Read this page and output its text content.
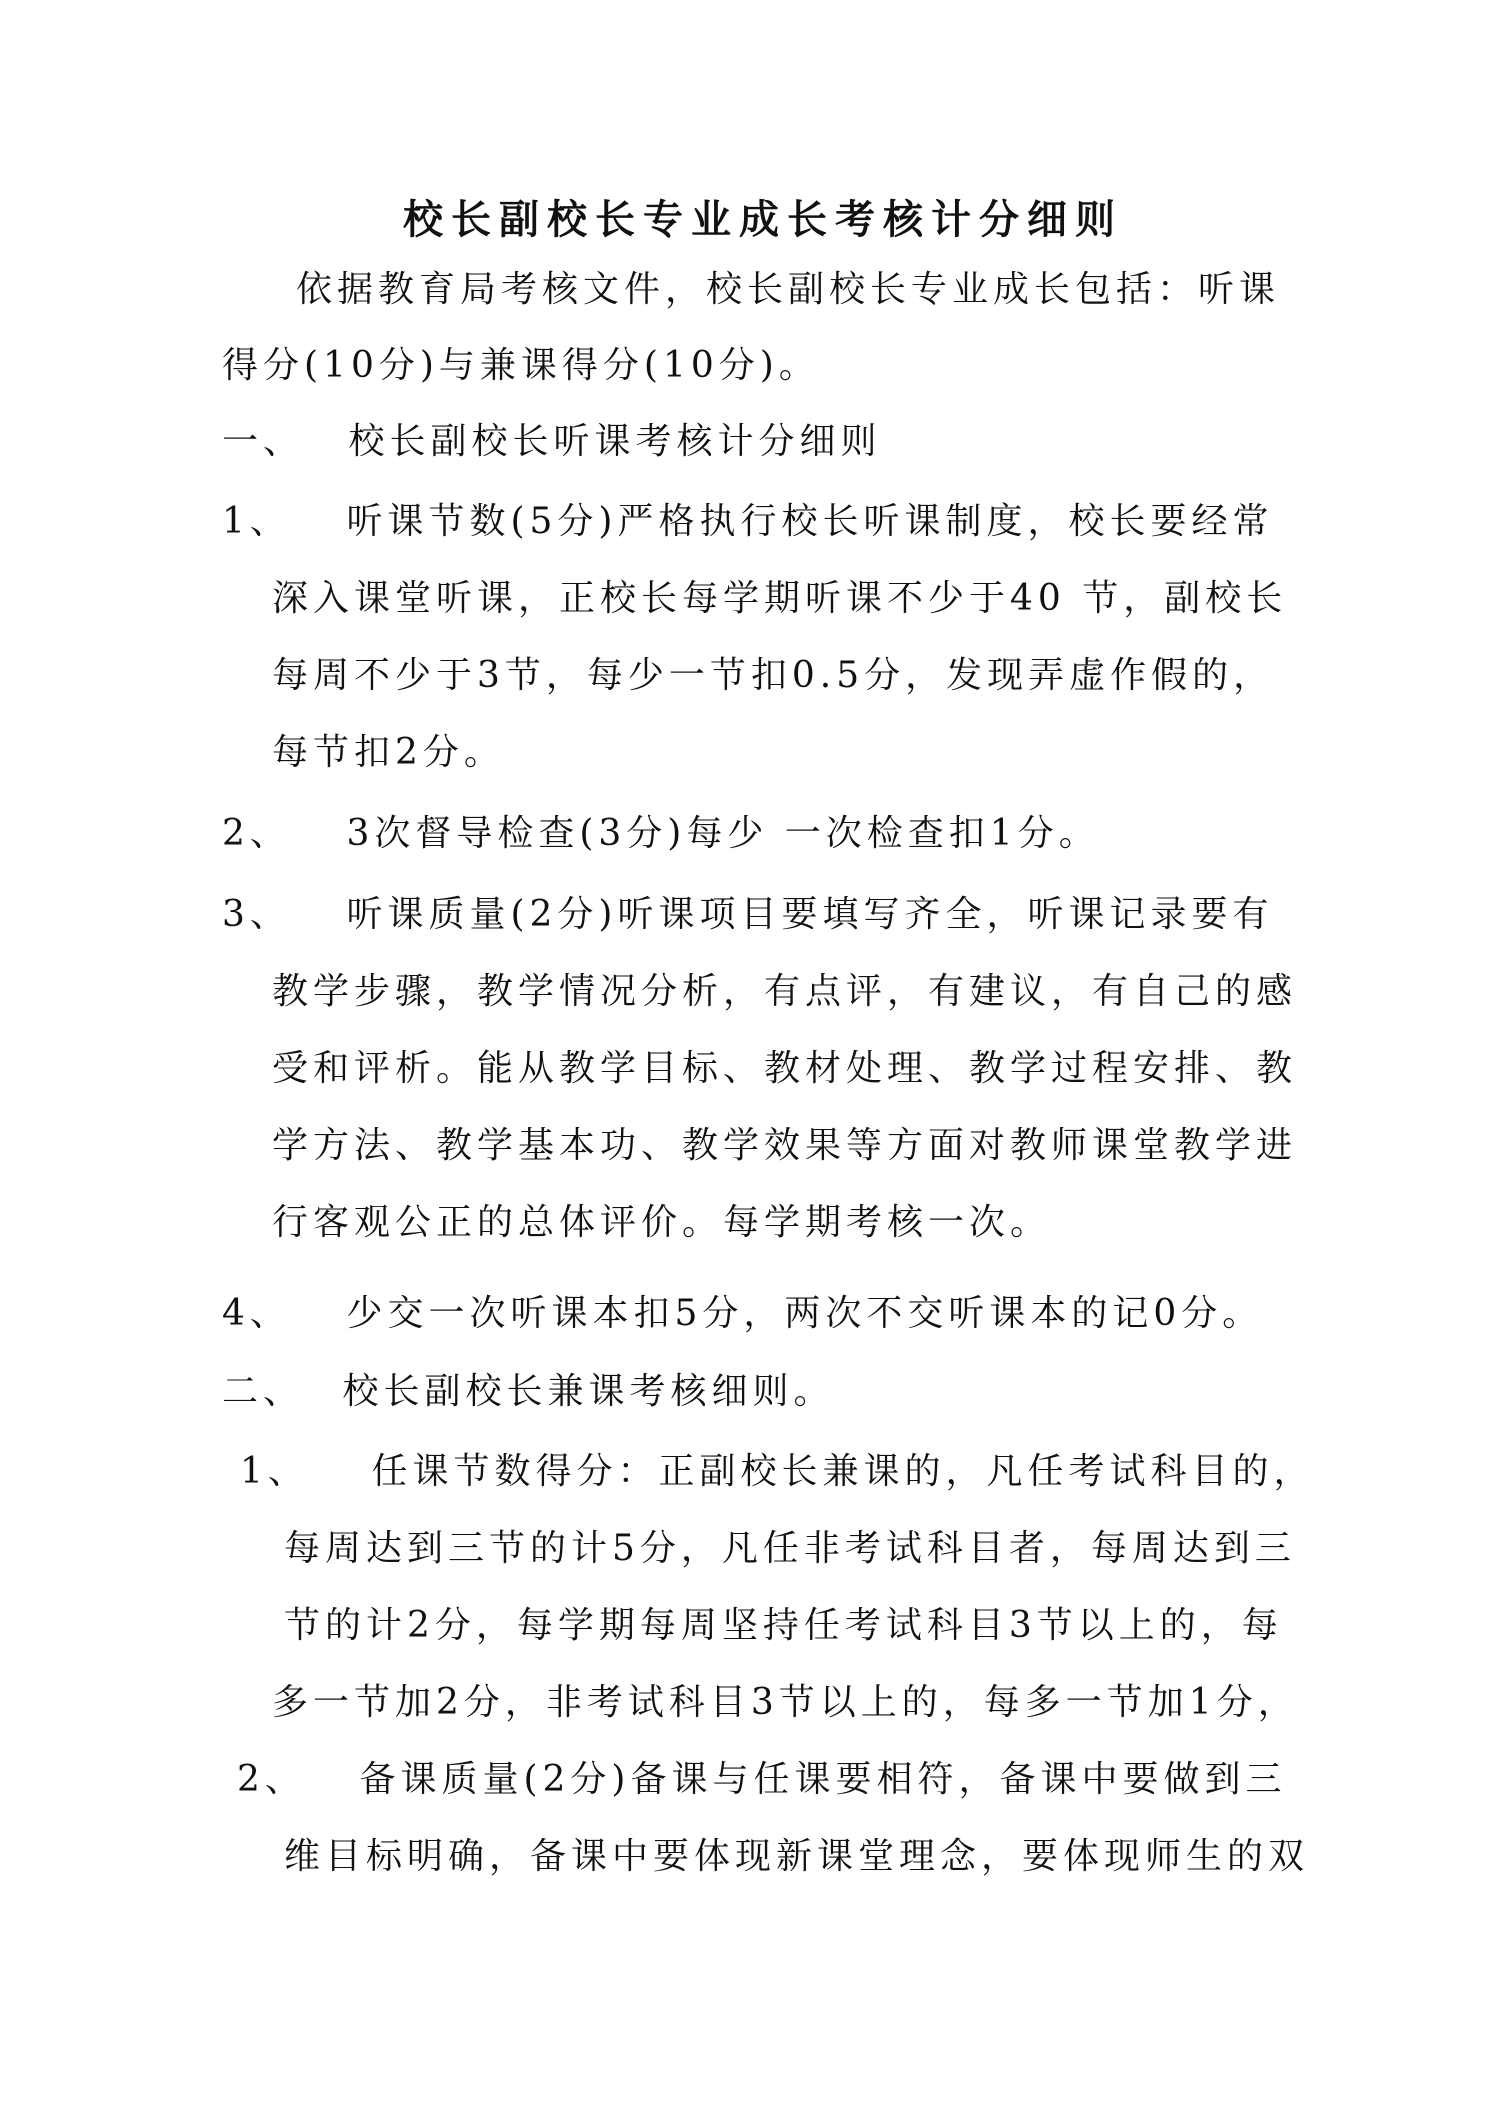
校长副校长专业成长考核计分细则
依据教育局考核文件，校长副校长专业成长包括：听课
得分(10分)与兼课得分(10分)。
一、 校长副校长听课考核计分细则
1、 听课节数(5分)严格执行校长听课制度，校长要经常
深入课堂听课，正校长每学期听课不少于40 节，副校长
每周不少于3节，每少一节扣0.5分，发现弄虚作假的，
每节扣2分。
2、 3次督导检查(3分)每少 一次检查扣1分。
3、 听课质量(2分)听课项目要填写齐全，听课记录要有
教学步骤，教学情况分析，有点评，有建议，有自己的感
受和评析。能从教学目标、教材处理、教学过程安排、教
学方法、教学基本功、教学效果等方面对教师课堂教学进
行客观公正的总体评价。每学期考核一次。
4、 少交一次听课本扣5分，两次不交听课本的记0分。
二、 校长副校长兼课考核细则。
1、 任课节数得分：正副校长兼课的，凡任考试科目的，
每周达到三节的计5分，凡任非考试科目者，每周达到三
节的计2分，每学期每周坚持任考试科目3节以上的，每
多一节加2分，非考试科目3节以上的，每多一节加1分，
2、 备课质量(2分)备课与任课要相符，备课中要做到三
维目标明确，备课中要体现新课堂理念，要体现师生的双
